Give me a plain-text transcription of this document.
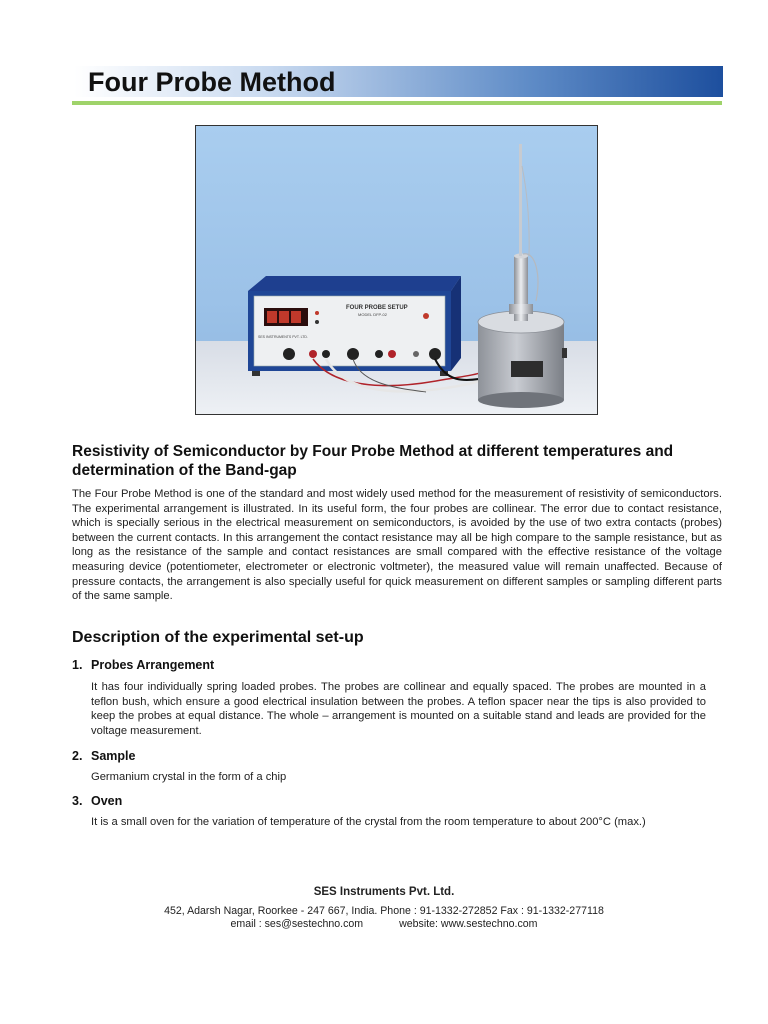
Four Probe Method
FOUR PROBE SETUP
MODEL DFP-02
SES INSTRUMENTS PVT. LTD.
Resistivity of Semiconductor by Four Probe Method at different temperatures and determination of the Band-gap
The Four Probe Method is one of the standard and most widely used method for the measurement of resistivity of semiconductors. The experimental arrangement is illustrated. In its useful form, the four probes are collinear. The error due to contact resistance, which is specially serious in the electrical measurement on semiconductors, is avoided by the use of two extra contacts (probes) between the current contacts. In this arrangement the contact resistance may all be high compare to the sample resistance, but as long as the resistance of the sample and contact resistances are small compared with the effective resistance of the voltage measuring device (potentiometer, electrometer or electronic voltmeter), the measured value will remain unaffected. Because of pressure contacts, the arrangement is also specially useful for quick measurement on different samples or sampling different parts of the same sample.
Description of the experimental set-up
1. Probes Arrangement
It has four individually spring loaded probes. The probes are collinear and equally spaced. The probes are mounted in a teflon bush, which ensure a good electrical insulation between the probes. A teflon spacer near the tips is also provided to keep the probes at equal distance. The whole – arrangement is mounted on a suitable stand and leads are provided for the voltage measurement.
2. Sample
Germanium crystal in the form of a chip
3. Oven
It is a small oven for the variation of temperature of the crystal from the room temperature to about 200°C (max.)
SES Instruments Pvt. Ltd.
452, Adarsh Nagar, Roorkee - 247 667, India. Phone : 91-1332-272852 Fax : 91-1332-277118
email : ses@sestechno.com	website: www.sestechno.com
